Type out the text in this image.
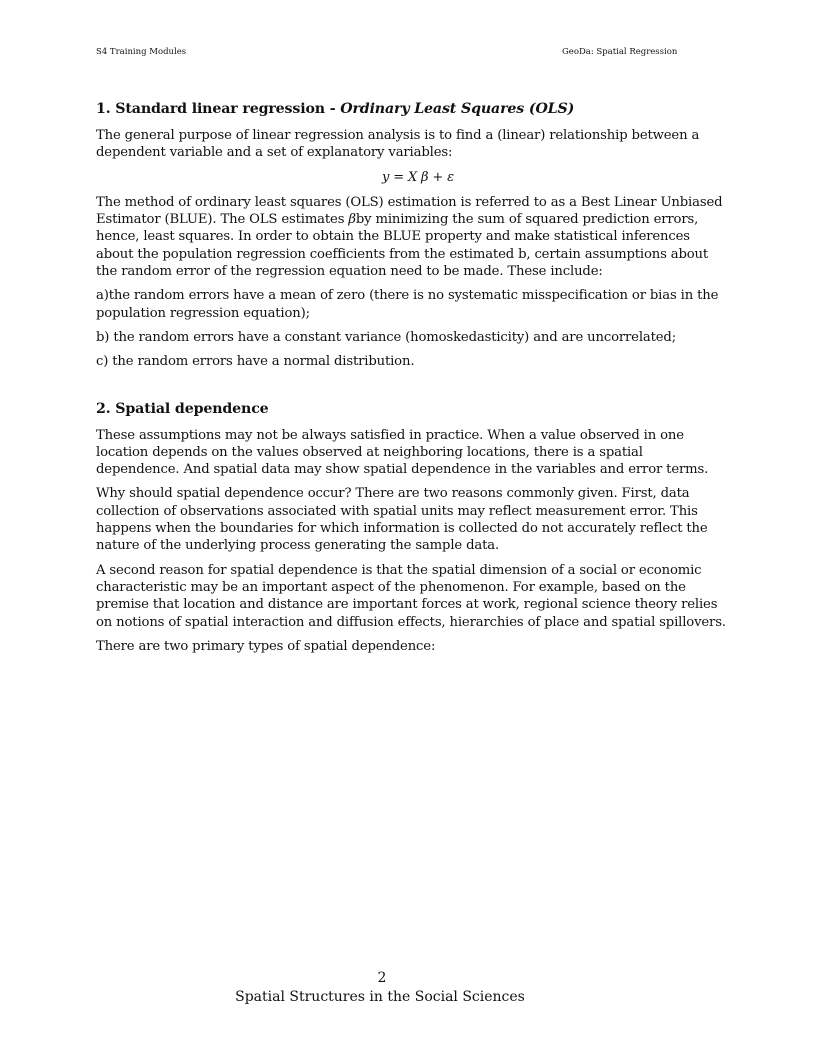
S4 Training Modules	GeoDa: Spatial Regression
1. Standard linear regression - Ordinary Least Squares (OLS)

The general purpose of linear regression analysis is to find a (linear) relationship between a dependent variable and a set of explanatory variables:

y = X β + ε

The method of ordinary least squares (OLS) estimation is referred to as a Best Linear Unbiased Estimator (BLUE). The OLS estimates βby minimizing the sum of squared prediction errors, hence, least squares. In order to obtain the BLUE property and make statistical inferences about the population regression coefficients from the estimated b, certain assumptions about the random error of the regression equation need to be made. These include:

a)the random errors have a mean of zero (there is no systematic misspecification or bias in the population regression equation);

b) the random errors have a constant variance (homoskedasticity) and are uncorrelated;

c) the random errors have a normal distribution.

2. Spatial dependence

These assumptions may not be always satisfied in practice. When a value observed in one location depends on the values observed at neighboring locations, there is a spatial dependence. And spatial data may show spatial dependence in the variables and error terms.

Why should spatial dependence occur? There are two reasons commonly given. First, data collection of observations associated with spatial units may reflect measurement error. This happens when the boundaries for which information is collected do not accurately reflect the nature of the underlying process generating the sample data.

A second reason for spatial dependence is that the spatial dimension of a social or economic characteristic may be an important aspect of the phenomenon. For example, based on the premise that location and distance are important forces at work, regional science theory relies on notions of spatial interaction and diffusion effects, hierarchies of place and spatial spillovers.

There are two primary types of spatial dependence:

2
Spatial Structures in the Social Sciences
